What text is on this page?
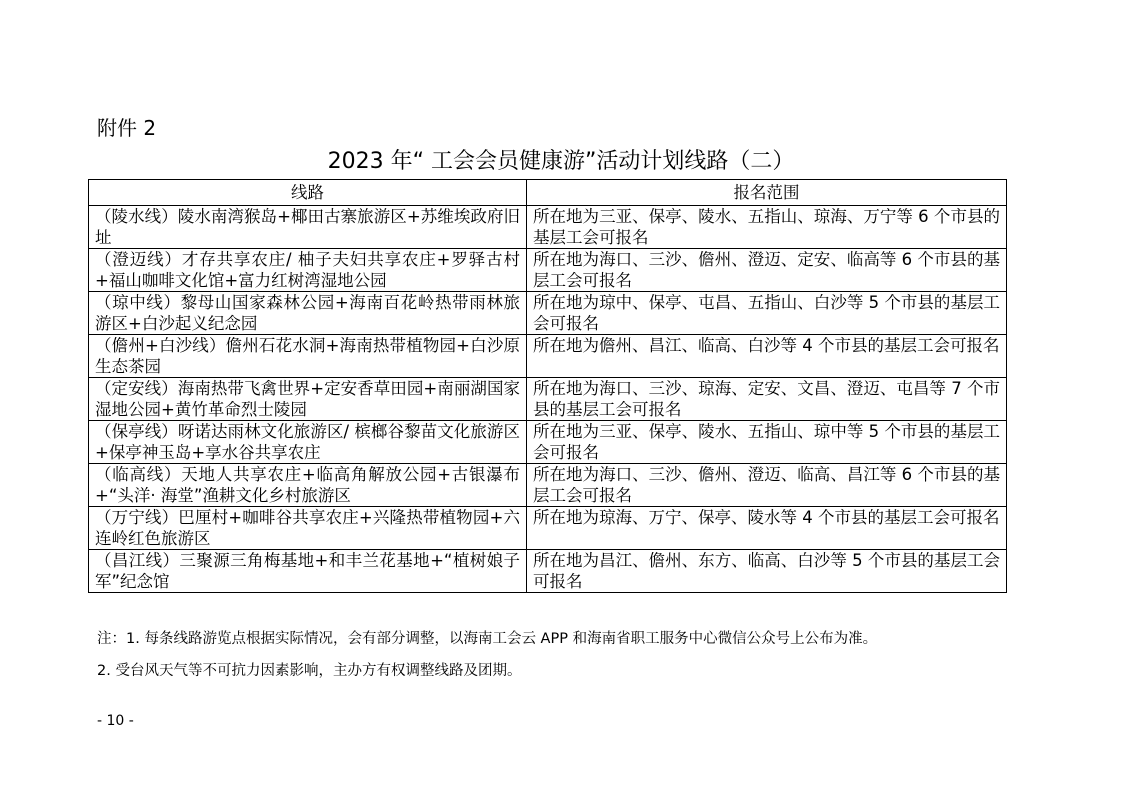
附件 2
2023 年“ 工会会员健康游”活动计划线路（二）
线路	报名范围
（陵水线）陵水南湾猴岛+椰田古寨旅游区+苏维埃政府旧址	所在地为三亚、保亭、陵水、五指山、琼海、万宁等 6 个市县的基层工会可报名
（澄迈线）才存共享农庄/ 柚子夫妇共享农庄+罗驿古村+福山咖啡文化馆+富力红树湾湿地公园	所在地为海口、三沙、儋州、澄迈、定安、临高等 6 个市县的基层工会可报名
（琼中线）黎母山国家森林公园+海南百花岭热带雨林旅游区+白沙起义纪念园	所在地为琼中、保亭、屯昌、五指山、白沙等 5 个市县的基层工会可报名
（儋州+白沙线）儋州石花水洞+海南热带植物园+白沙原生态茶园	所在地为儋州、昌江、临高、白沙等 4 个市县的基层工会可报名
（定安线）海南热带飞禽世界+定安香草田园+南丽湖国家湿地公园+黄竹革命烈士陵园	所在地为海口、三沙、琼海、定安、文昌、澄迈、屯昌等 7 个市县的基层工会可报名
（保亭线）呀诺达雨林文化旅游区/ 槟榔谷黎苗文化旅游区+保亭神玉岛+享水谷共享农庄	所在地为三亚、保亭、陵水、五指山、琼中等 5 个市县的基层工会可报名
（临高线）天地人共享农庄+临高角解放公园+古银瀑布+“头洋· 海堂”渔耕文化乡村旅游区	所在地为海口、三沙、儋州、澄迈、临高、昌江等 6 个市县的基层工会可报名
（万宁线）巴厘村+咖啡谷共享农庄+兴隆热带植物园+六连岭红色旅游区	所在地为琼海、万宁、保亭、陵水等 4 个市县的基层工会可报名
（昌江线）三聚源三角梅基地+和丰兰花基地+“植树娘子军”纪念馆	所在地为昌江、儋州、东方、临高、白沙等 5 个市县的基层工会可报名
注：1. 每条线路游览点根据实际情况，会有部分调整，以海南工会云 APP 和海南省职工服务中心微信公众号上公布为准。
2. 受台风天气等不可抗力因素影响，主办方有权调整线路及团期。
- 10 -
